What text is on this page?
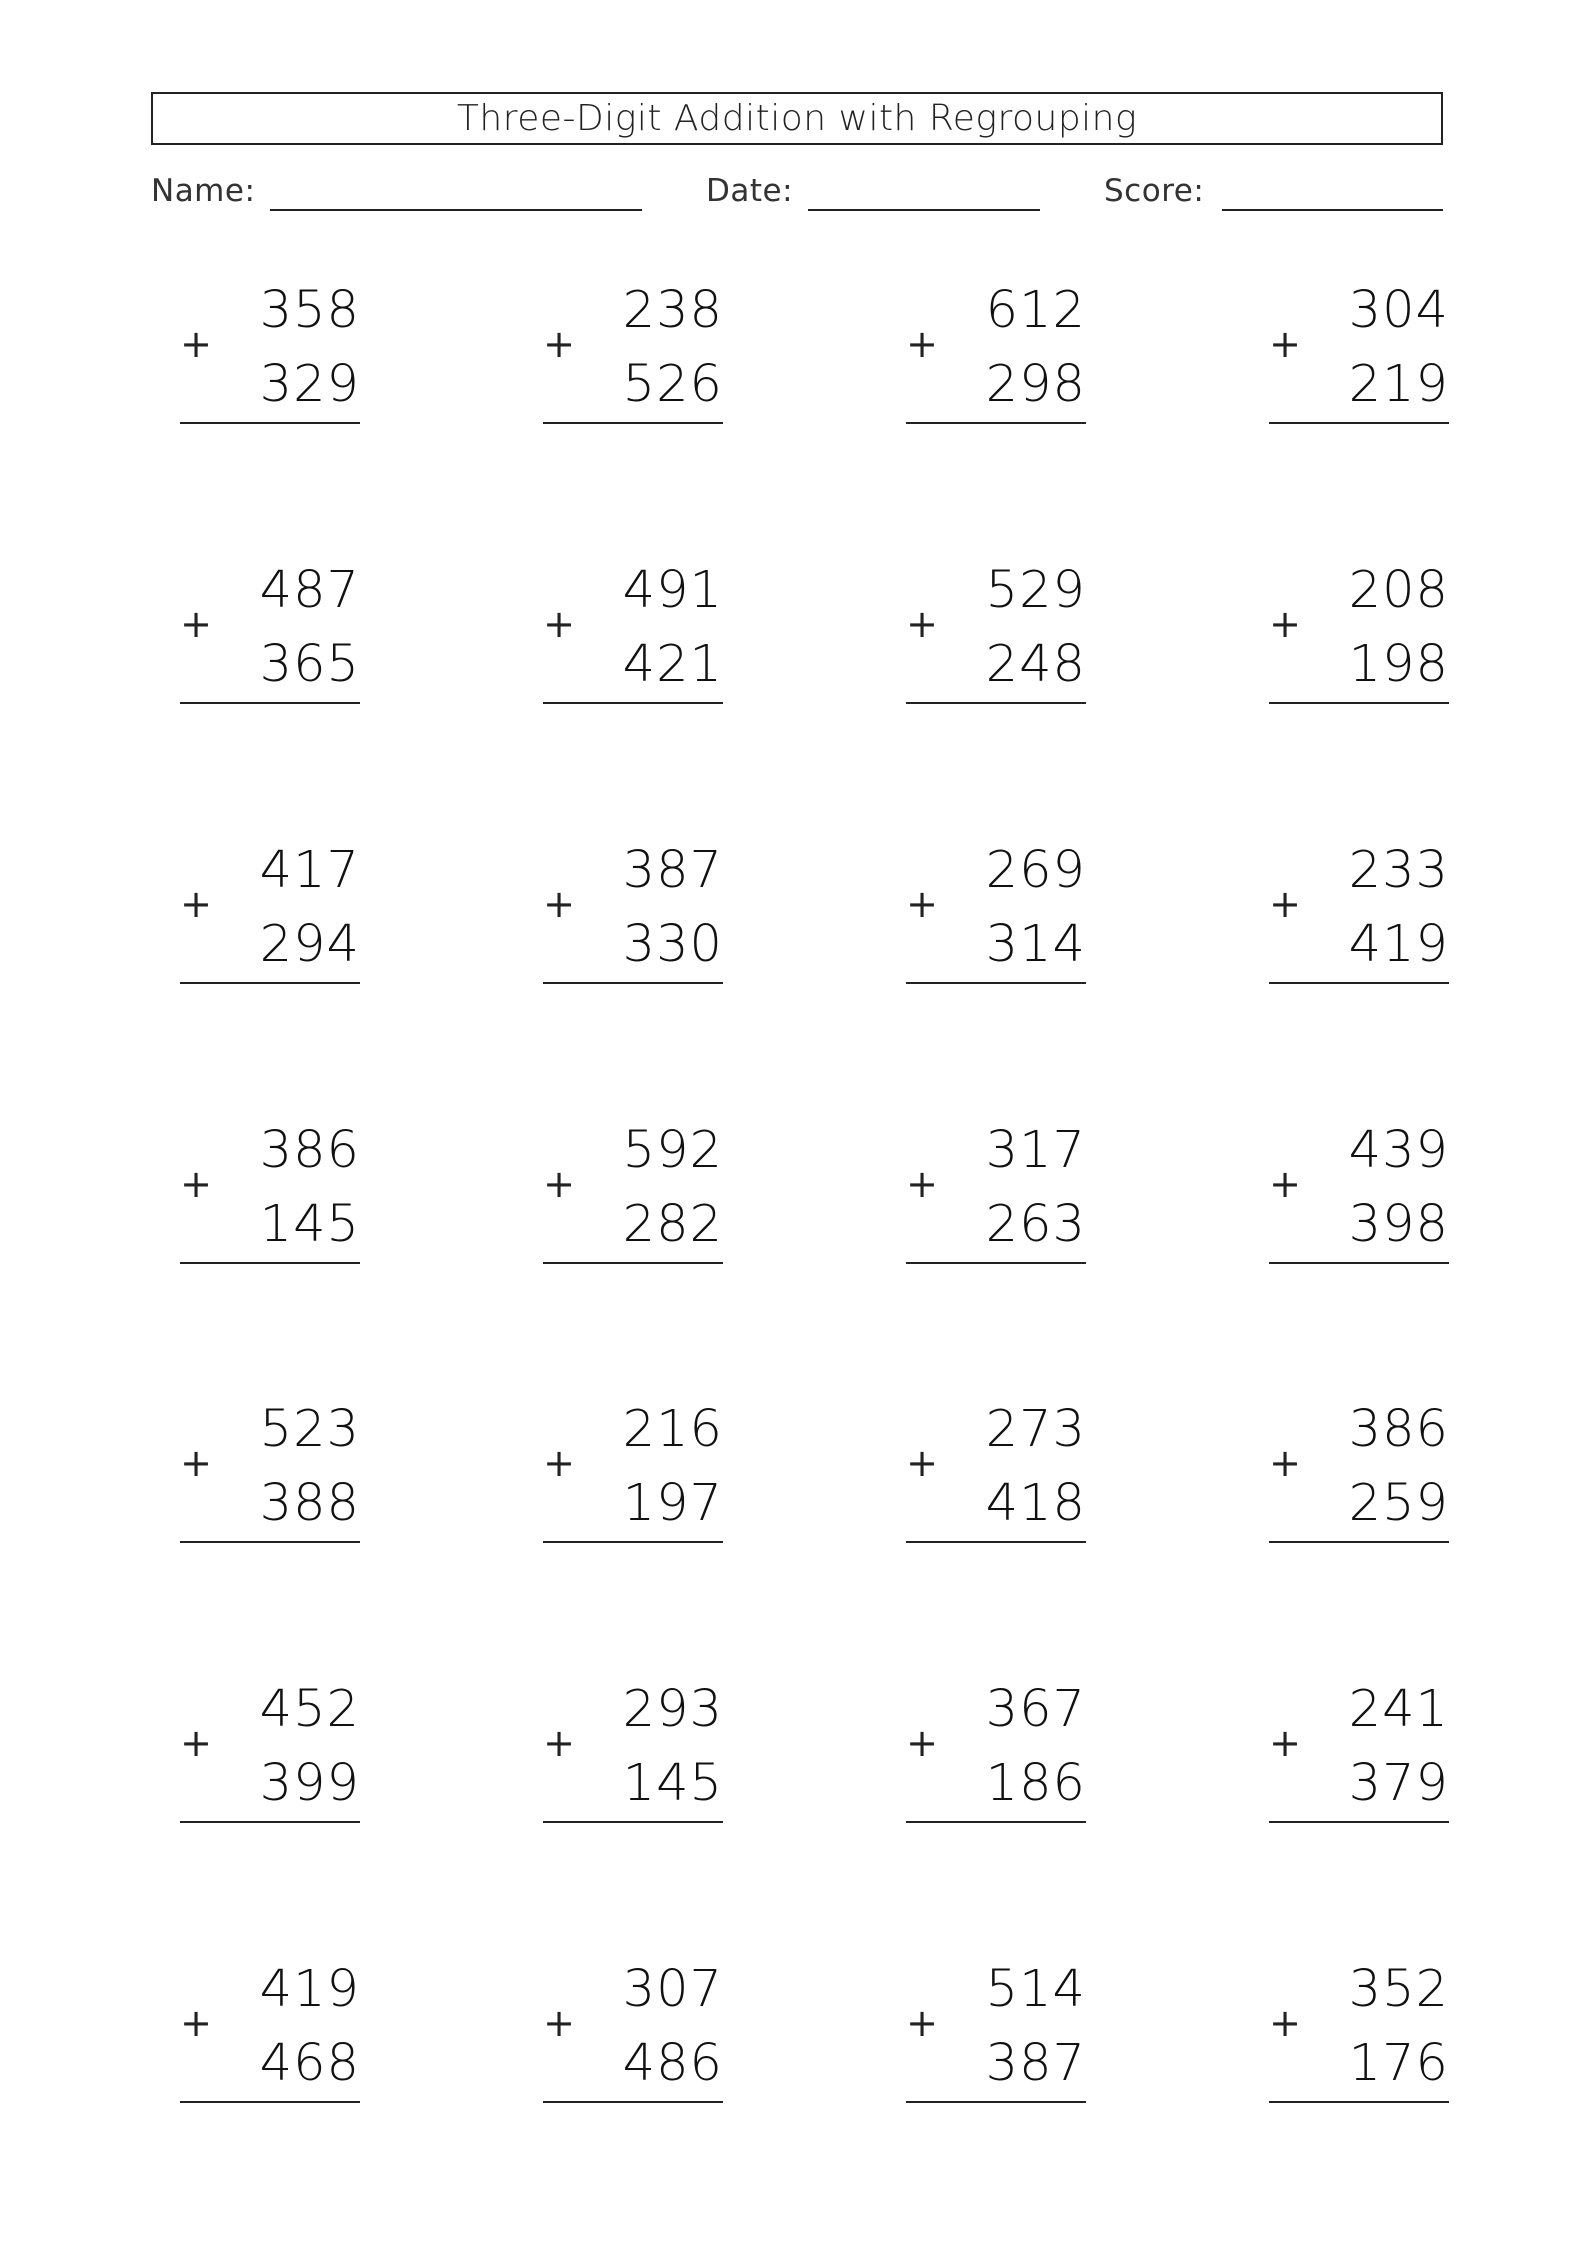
Three-Digit Addition with Regrouping
Name:	Date:	Score:
+
358
329
+
238
526
+
612
298
+
304
219
+
487
365
+
491
421
+
529
248
+
208
198
+
417
294
+
387
330
+
269
314
+
233
419
+
386
145
+
592
282
+
317
263
+
439
398
+
523
388
+
216
197
+
273
418
+
386
259
+
452
399
+
293
145
+
367
186
+
241
379
+
419
468
+
307
486
+
514
387
+
352
176
